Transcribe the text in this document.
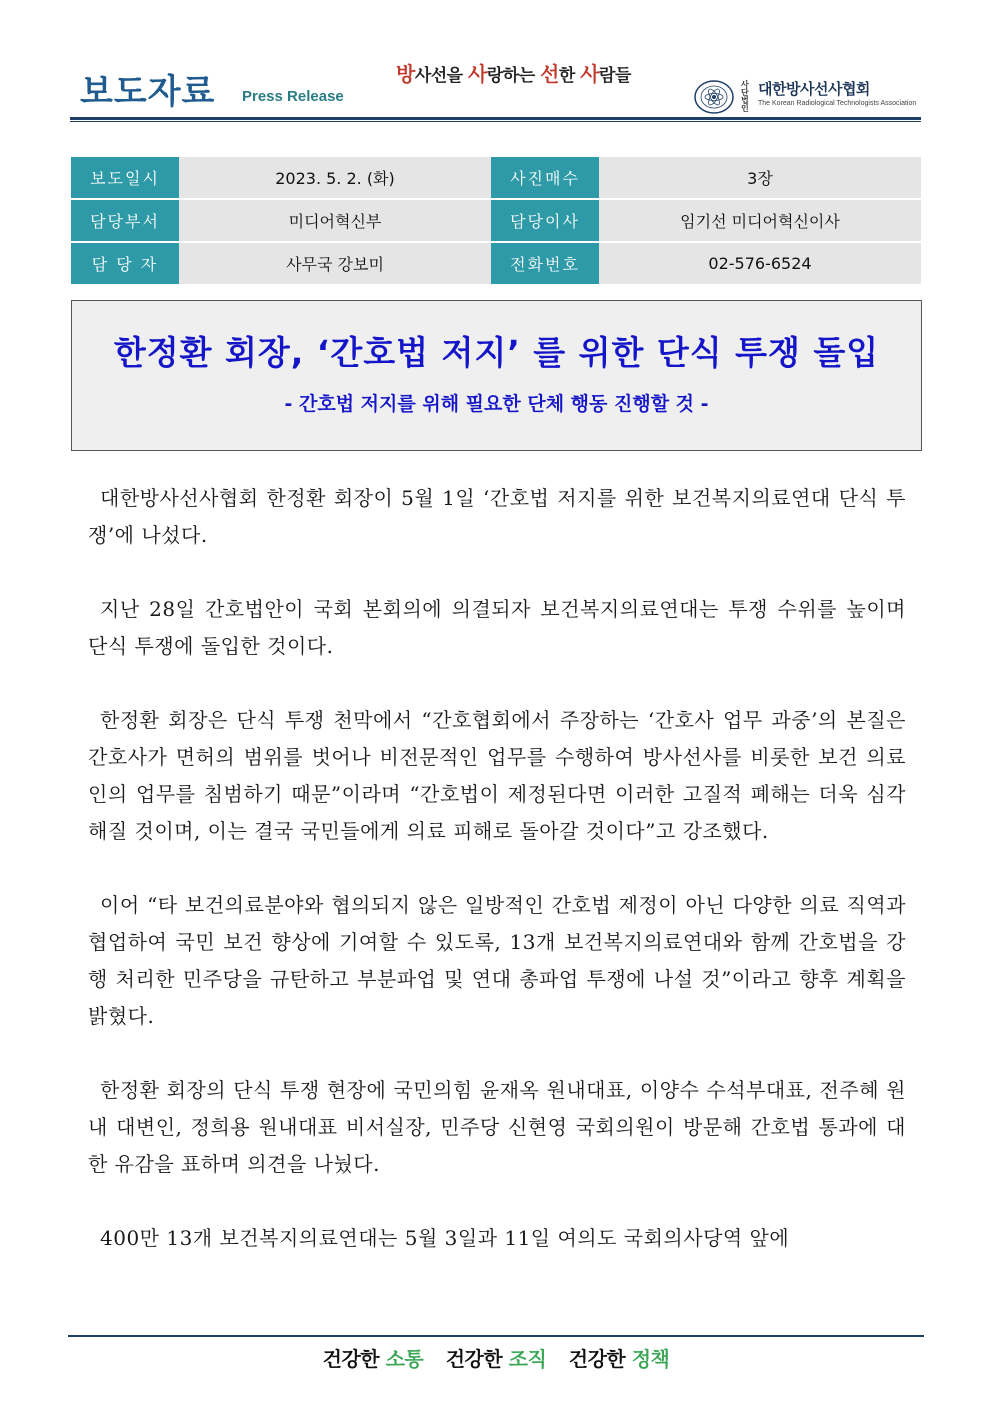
보도자료 Press Release
방사선을 사랑하는 선한 사람들	사단법인
대한방사선사협회
The Korean Radiological Technologists Association
보도일시	2023. 5. 2. (화)	사진매수	3장
담당부서	미디어혁신부	담당이사	임기선 미디어혁신이사
담 당 자	사무국 강보미	전화번호	02-576-6524
한정환 회장, ‘간호법 저지’ 를 위한 단식 투쟁 돌입
- 간호법 저지를 위해 필요한 단체 행동 진행할 것 -

대한방사선사협회 한정환 회장이 5월 1일 ‘간호법 저지를 위한 보건복지의료연대 단식 투쟁’에 나섰다.

지난 28일 간호법안이 국회 본회의에 의결되자 보건복지의료연대는 투쟁 수위를 높이며 단식 투쟁에 돌입한 것이다.

한정환 회장은 단식 투쟁 천막에서 “간호협회에서 주장하는 ‘간호사 업무 과중’의 본질은 간호사가 면허의 범위를 벗어나 비전문적인 업무를 수행하여 방사선사를 비롯한 보건 의료인의 업무를 침범하기 때문”이라며 “간호법이 제정된다면 이러한 고질적 폐해는 더욱 심각해질 것이며, 이는 결국 국민들에게 의료 피해로 돌아갈 것이다”고 강조했다.

이어 “타 보건의료분야와 협의되지 않은 일방적인 간호법 제정이 아닌 다양한 의료 직역과 협업하여 국민 보건 향상에 기여할 수 있도록, 13개 보건복지의료연대와 함께 간호법을 강행 처리한 민주당을 규탄하고 부분파업 및 연대 총파업 투쟁에 나설 것”이라고 향후 계획을 밝혔다.

한정환 회장의 단식 투쟁 현장에 국민의힘 윤재옥 원내대표, 이양수 수석부대표, 전주혜 원내 대변인, 정희용 원내대표 비서실장, 민주당 신현영 국회의원이 방문해 간호법 통과에 대한 유감을 표하며 의견을 나눴다.

400만 13개 보건복지의료연대는 5월 3일과 11일 여의도 국회의사당역 앞에

건강한 소통 건강한 조직 건강한 정책
